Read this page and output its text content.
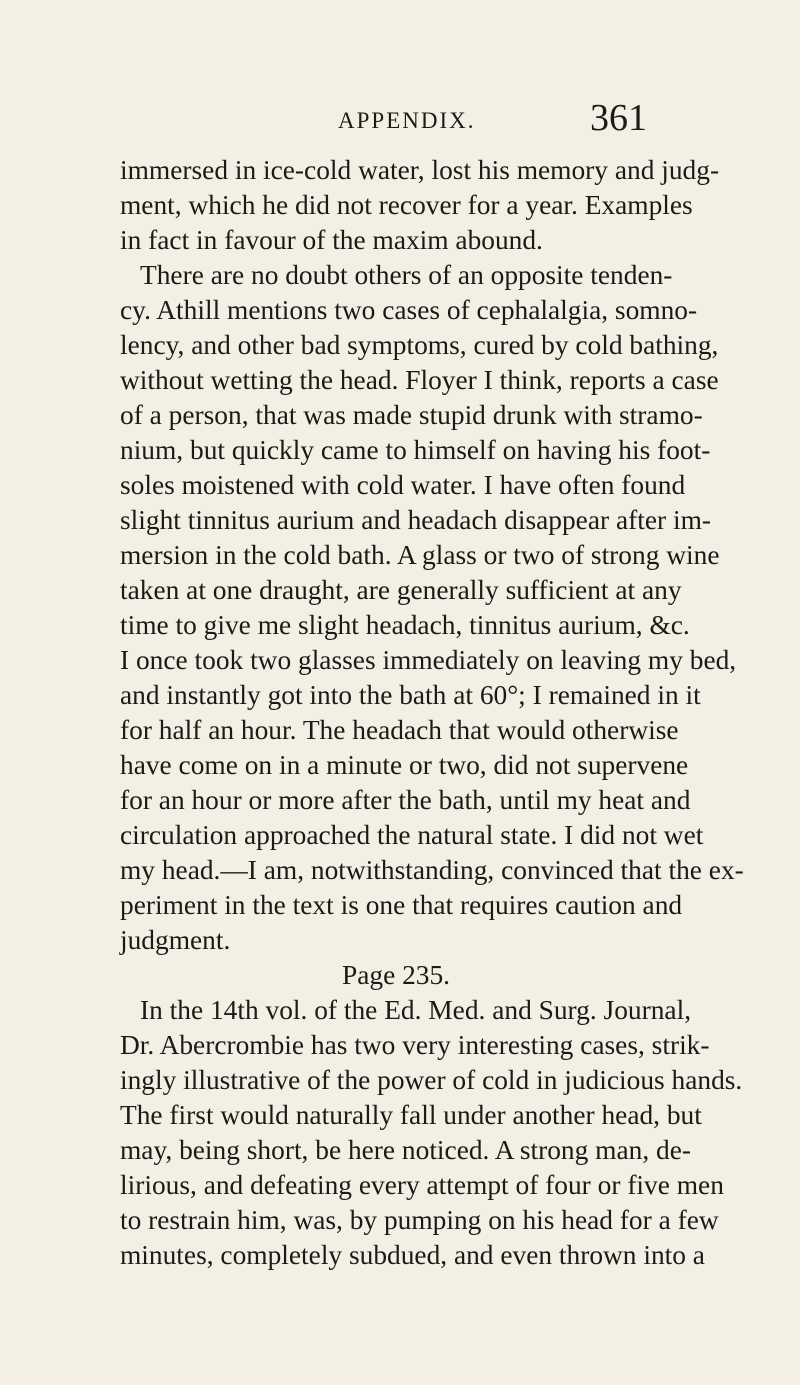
APPENDIX.	361
immersed in ice-cold water, lost his memory and judg-
ment, which he did not recover for a year. Examples
in fact in favour of the maxim abound.
There are no doubt others of an opposite tenden-
cy. Athill mentions two cases of cephalalgia, somno-
lency, and other bad symptoms, cured by cold bathing,
without wetting the head. Floyer I think, reports a case
of a person, that was made stupid drunk with stramo-
nium, but quickly came to himself on having his foot-
soles moistened with cold water. I have often found
slight tinnitus aurium and headach disappear after im-
mersion in the cold bath. A glass or two of strong wine
taken at one draught, are generally sufficient at any
time to give me slight headach, tinnitus aurium, &c.
I once took two glasses immediately on leaving my bed,
and instantly got into the bath at 60°; I remained in it
for half an hour. The headach that would otherwise
have come on in a minute or two, did not supervene
for an hour or more after the bath, until my heat and
circulation approached the natural state. I did not wet
my head.—I am, notwithstanding, convinced that the ex-
periment in the text is one that requires caution and
judgment.
Page 235.
In the 14th vol. of the Ed. Med. and Surg. Journal,
Dr. Abercrombie has two very interesting cases, strik-
ingly illustrative of the power of cold in judicious hands.
The first would naturally fall under another head, but
may, being short, be here noticed. A strong man, de-
lirious, and defeating every attempt of four or five men
to restrain him, was, by pumping on his head for a few
minutes, completely subdued, and even thrown into a
